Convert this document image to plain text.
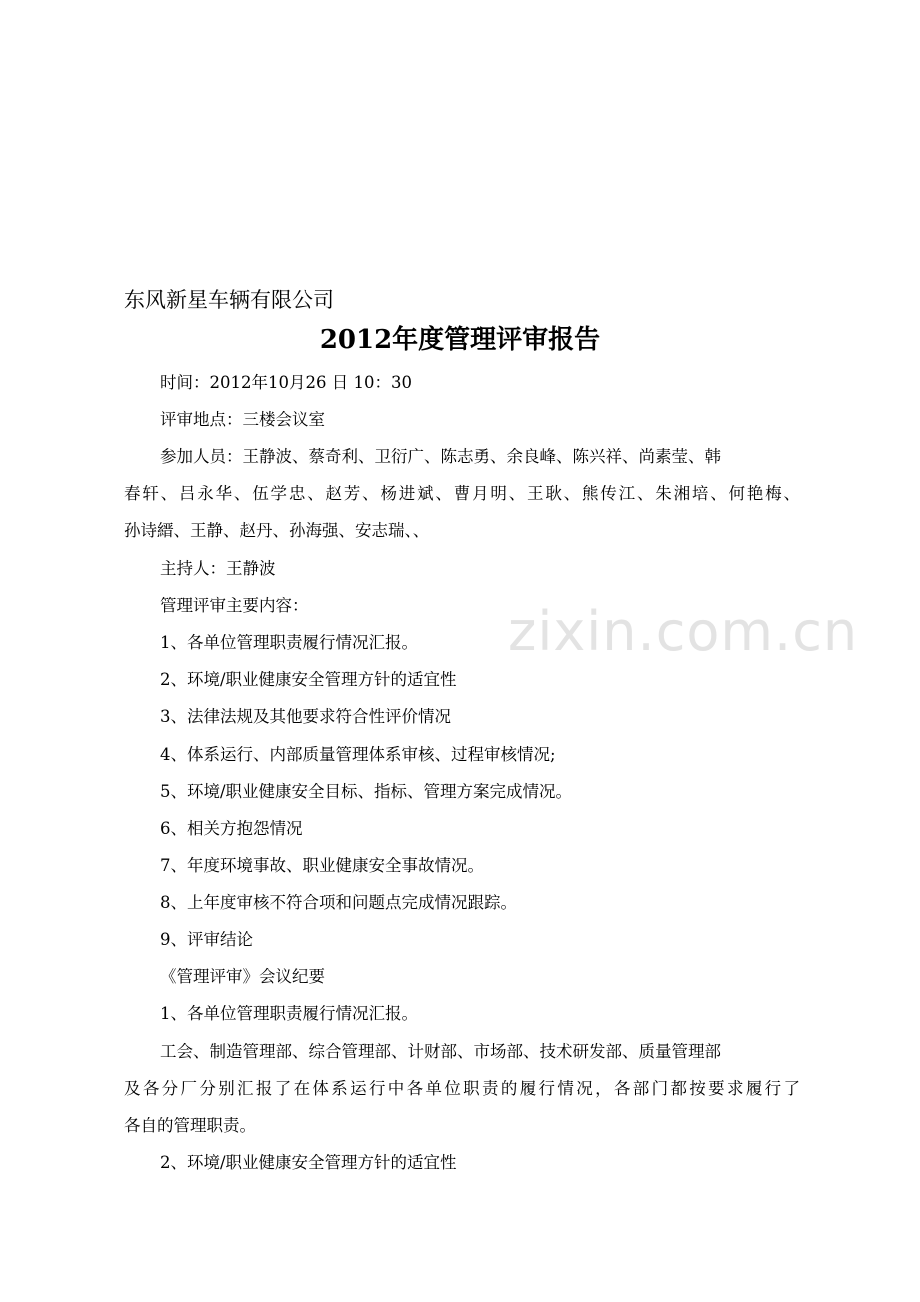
zixin.com.cn
东风新星车辆有限公司
2012年度管理评审报告
时间：2012年10月26 日 10：30
评审地点：三楼会议室
参加人员：王静波、蔡奇利、卫衍广、陈志勇、余良峰、陈兴祥、尚素莹、韩
春轩、吕永华、伍学忠、赵芳、杨进斌、曹月明、王耿、熊传江、朱湘培、何艳梅、
孙诗縉、王静、赵丹、孙海强、安志瑞、、
主持人：王静波
管理评审主要内容：
1、各单位管理职责履行情况汇报。
2、环境/职业健康安全管理方针的适宜性
3、法律法规及其他要求符合性评价情况
4、体系运行、内部质量管理体系审核、过程审核情况;
5、环境/职业健康安全目标、指标、管理方案完成情况。
6、相关方抱怨情况
7、年度环境事故、职业健康安全事故情况。
8、上年度审核不符合项和问题点完成情况跟踪。
9、评审结论
《管理评审》会议纪要
1、各单位管理职责履行情况汇报。
工会、制造管理部、综合管理部、计财部、市场部、技术研发部、质量管理部
及各分厂分别汇报了在体系运行中各单位职责的履行情况，各部门都按要求履行了
各自的管理职责。
2、环境/职业健康安全管理方针的适宜性
